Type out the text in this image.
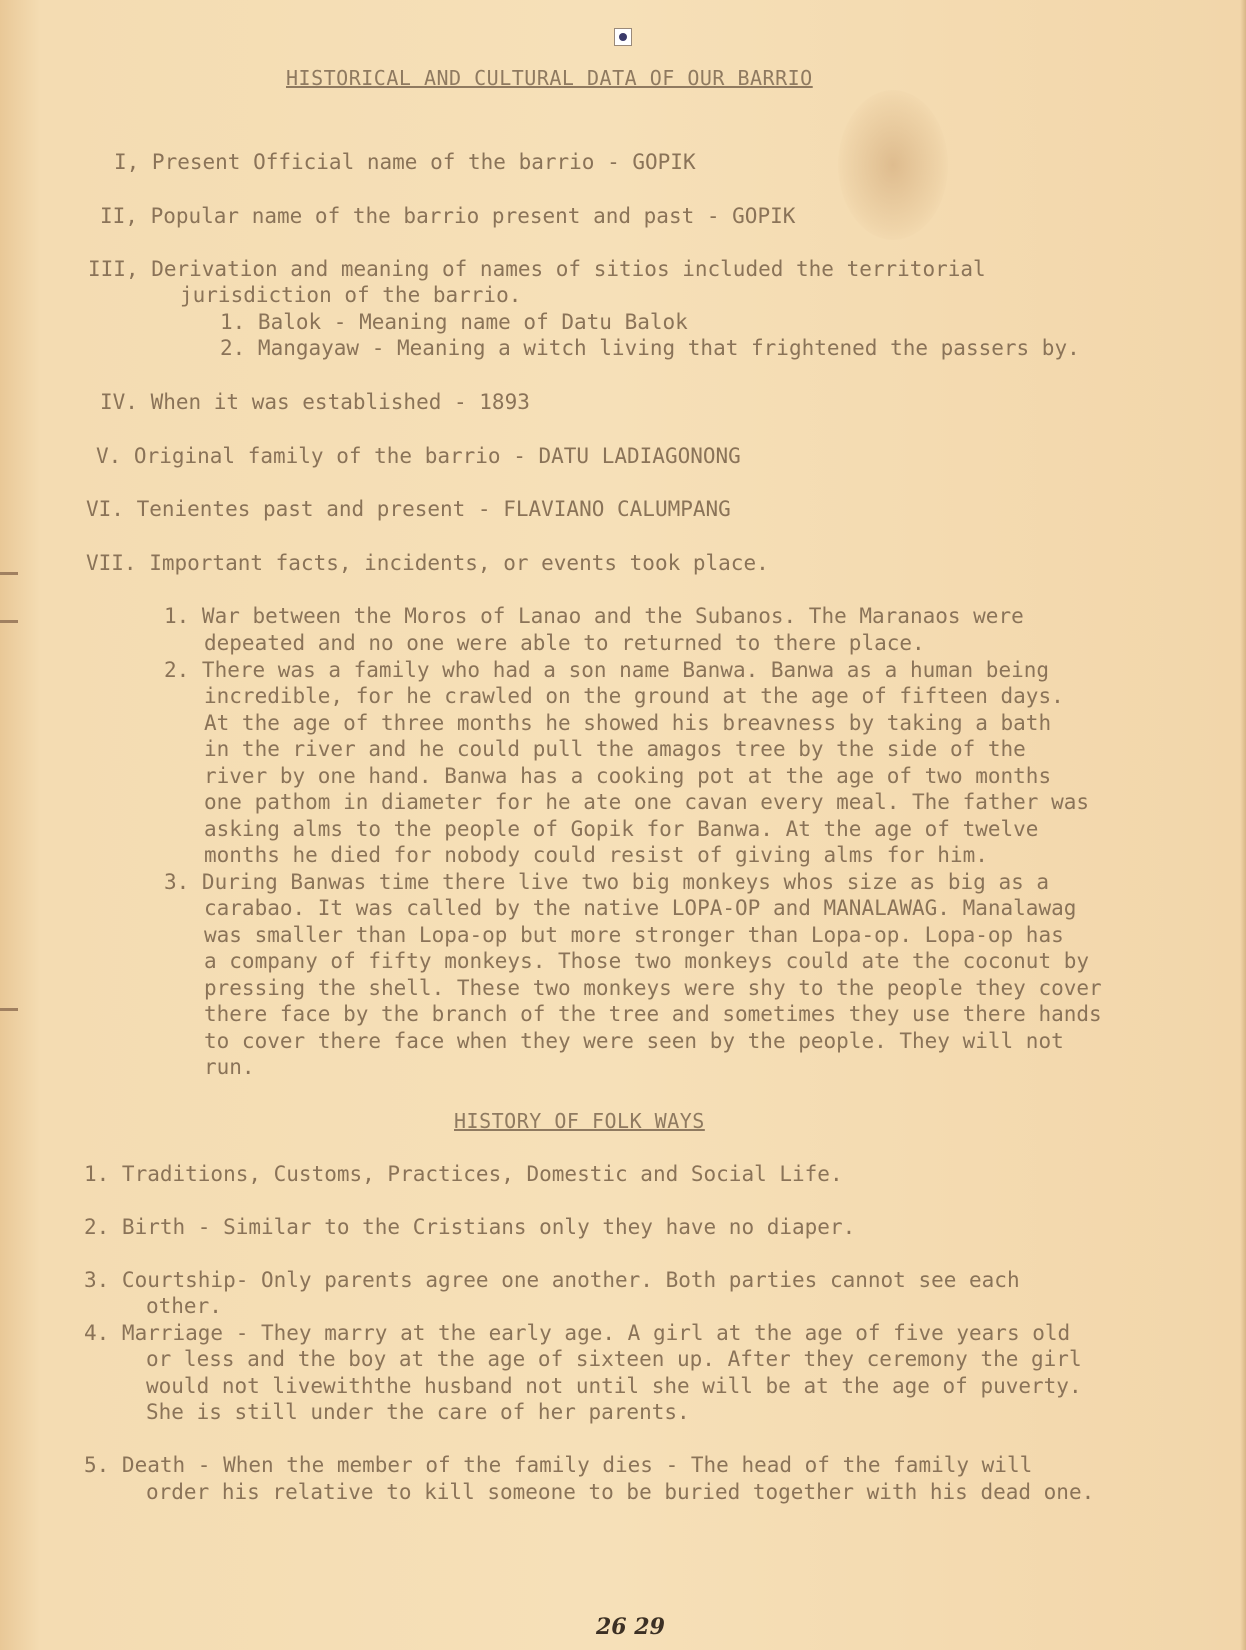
HISTORICAL AND CULTURAL DATA OF OUR BARRIO
I, Present Official name of the barrio - GOPIK
II, Popular name of the barrio present and past - GOPIK
III, Derivation and meaning of names of sitios included the territorial
jurisdiction of the barrio.
1. Balok - Meaning name of Datu Balok
2. Mangayaw - Meaning a witch living that frightened the passers by.
IV. When it was established - 1893
V. Original family of the barrio - DATU LADIAGONONG
VI. Tenientes past and present - FLAVIANO CALUMPANG
VII. Important facts, incidents, or events took place.
1. War between the Moros of Lanao and the Subanos. The Maranaos were
depeated and no one were able to returned to there place.
2. There was a family who had a son name Banwa. Banwa as a human being
incredible, for he crawled on the ground at the age of fifteen days.
At the age of three months he showed his breavness by taking a bath
in the river and he could pull the amagos tree by the side of the
river by one hand. Banwa has a cooking pot at the age of two months
one pathom in diameter for he ate one cavan every meal. The father was
asking alms to the people of Gopik for Banwa. At the age of twelve
months he died for nobody could resist of giving alms for him.
3. During Banwas time there live two big monkeys whos size as big as a
carabao. It was called by the native LOPA-OP and MANALAWAG. Manalawag
was smaller than Lopa-op but more stronger than Lopa-op. Lopa-op has
a company of fifty monkeys. Those two monkeys could ate the coconut by
pressing the shell. These two monkeys were shy to the people they cover
there face by the branch of the tree and sometimes they use there hands
to cover there face when they were seen by the people. They will not
run.
HISTORY OF FOLK WAYS
1. Traditions, Customs, Practices, Domestic and Social Life.
2. Birth - Similar to the Cristians only they have no diaper.
3. Courtship- Only parents agree one another. Both parties cannot see each
other.
4. Marriage - They marry at the early age. A girl at the age of five years old
or less and the boy at the age of sixteen up. After they ceremony the girl
would not livewiththe husband not until she will be at the age of puverty.
She is still under the care of her parents.
5. Death - When the member of the family dies - The head of the family will
order his relative to kill someone to be buried together with his dead one.
26 29
